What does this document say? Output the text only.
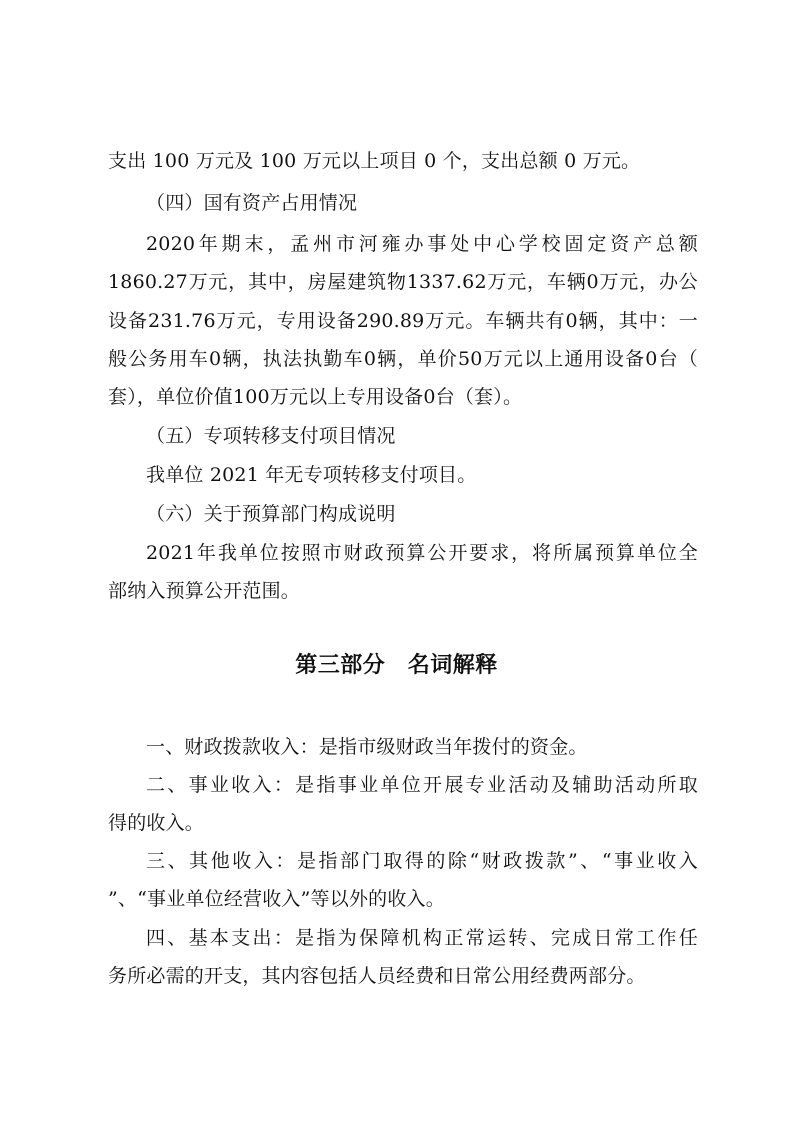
支出 100 万元及 100 万元以上项目 0 个，支出总额 0 万元。
（四）国有资产占用情况
2020年期末，孟州市河雍办事处中心学校固定资产总额
1860.27万元，其中，房屋建筑物1337.62万元，车辆0万元，办公
设备231.76万元，专用设备290.89万元。车辆共有0辆，其中：一
般公务用车0辆，执法执勤车0辆，单价50万元以上通用设备0台（
套），单位价值100万元以上专用设备0台（套）。
（五）专项转移支付项目情况
我单位 2021 年无专项转移支付项目。
（六）关于预算部门构成说明
2021年我单位按照市财政预算公开要求，将所属预算单位全
部纳入预算公开范围。
第三部分　名词解释
一、财政拨款收入：是指市级财政当年拨付的资金。
二、事业收入：是指事业单位开展专业活动及辅助活动所取
得的收入。
三、其他收入：是指部门取得的除“财政拨款”、“事业收入
”、“事业单位经营收入”等以外的收入。
四、基本支出：是指为保障机构正常运转、完成日常工作任
务所必需的开支，其内容包括人员经费和日常公用经费两部分。
